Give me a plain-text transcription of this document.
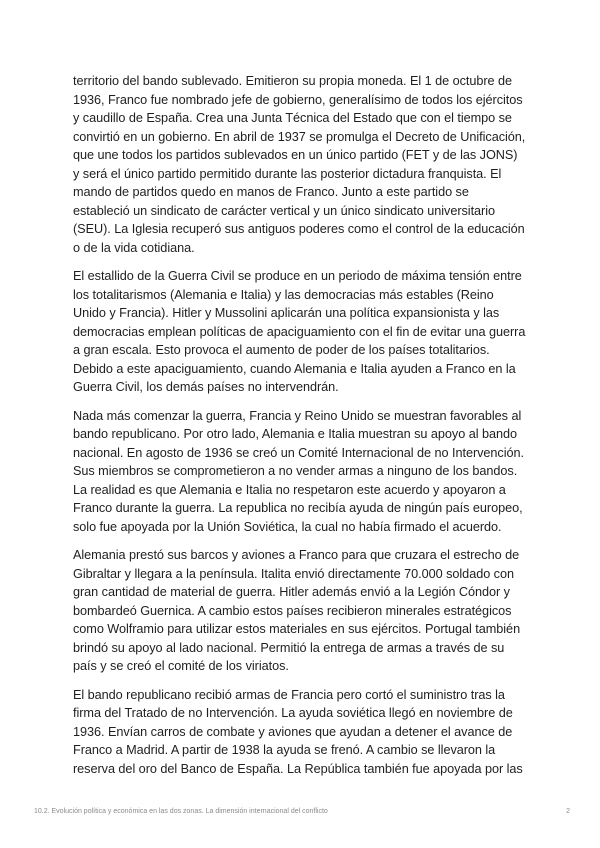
territorio del bando sublevado. Emitieron su propia moneda. El 1 de octubre de 1936, Franco fue nombrado jefe de gobierno, generalísimo de todos los ejércitos y caudillo de España. Crea una Junta Técnica del Estado que con el tiempo se convirtió en un gobierno. En abril de 1937 se promulga el Decreto de Unificación, que une todos los partidos sublevados en un único partido (FET y de las JONS) y será el único partido permitido durante las posterior dictadura franquista. El mando de partidos quedo en manos de Franco. Junto a este partido se estableció un sindicato de carácter vertical y un único sindicato universitario (SEU). La Iglesia recuperó sus antiguos poderes como el control de la educación o de la vida cotidiana.

El estallido de la Guerra Civil se produce en un periodo de máxima tensión entre los totalitarismos (Alemania e Italia) y las democracias más estables (Reino Unido y Francia). Hitler y Mussolini aplicarán una política expansionista y las democracias emplean políticas de apaciguamiento con el fin de evitar una guerra a gran escala. Esto provoca el aumento de poder de los países totalitarios. Debido a este apaciguamiento, cuando Alemania e Italia ayuden a Franco en la Guerra Civil, los demás países no intervendrán.

Nada más comenzar la guerra, Francia y Reino Unido se muestran favorables al bando republicano. Por otro lado, Alemania e Italia muestran su apoyo al bando nacional. En agosto de 1936 se creó un Comité Internacional de no Intervención. Sus miembros se comprometieron a no vender armas a ninguno de los bandos. La realidad es que Alemania e Italia no respetaron este acuerdo y apoyaron a Franco durante la guerra. La republica no recibía ayuda de ningún país europeo, solo fue apoyada por la Unión Soviética, la cual no había firmado el acuerdo.

Alemania prestó sus barcos y aviones a Franco para que cruzara el estrecho de Gibraltar y llegara a la península. Italita envió directamente 70.000 soldado con gran cantidad de material de guerra. Hitler además envió a la Legión Cóndor y bombardeó Guernica. A cambio estos países recibieron minerales estratégicos como Wolframio para utilizar estos materiales en sus ejércitos. Portugal también brindó su apoyo al lado nacional. Permitió la entrega de armas a través de su país y se creó el comité de los viriatos.

El bando republicano recibió armas de Francia pero cortó el suministro tras la firma del Tratado de no Intervención. La ayuda soviética llegó en noviembre de 1936. Envían carros de combate y aviones que ayudan a detener el avance de Franco a Madrid. A partir de 1938 la ayuda se frenó. A cambio se llevaron la reserva del oro del Banco de España. La República también fue apoyada por las

10.2. Evolución política y económica en las dos zonas. La dimensión internacional del conflicto	2
